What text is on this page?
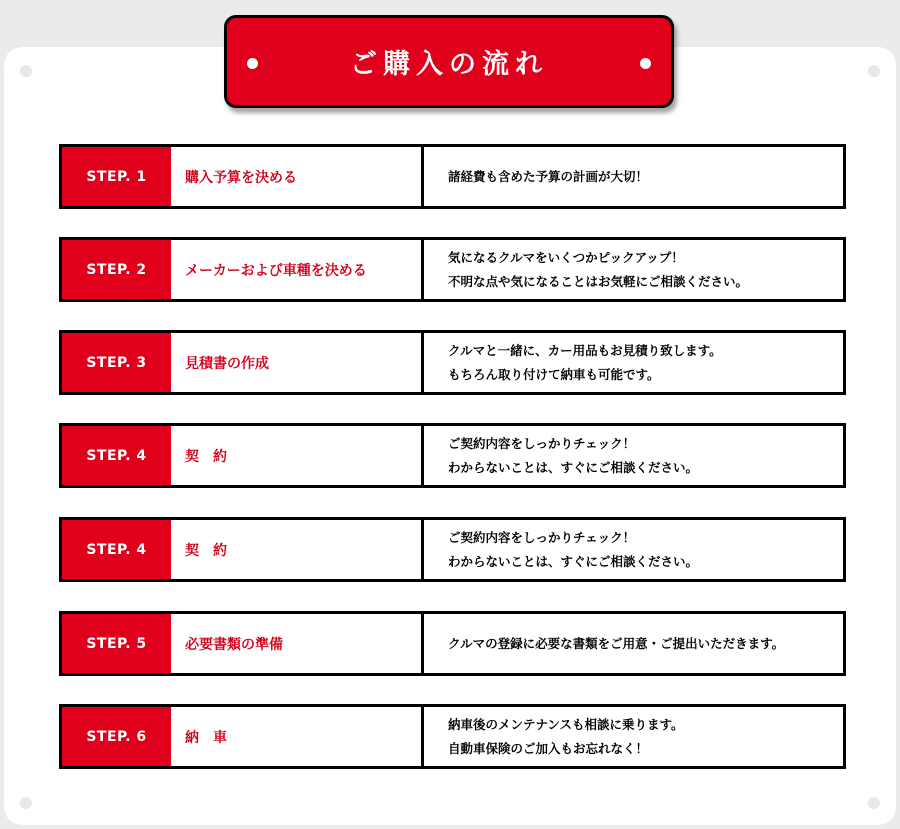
ご購入の流れ
STEP. 1	購入予算を決める	諸経費も含めた予算の計画が大切！
STEP. 2	メーカーおよび車種を決める
気になるクルマをいくつかピックアップ！
不明な点や気になることはお気軽にご相談ください。
STEP. 3	見積書の作成
クルマと一緒に、カー用品もお見積り致します。
もちろん取り付けて納車も可能です。
STEP. 4	契　約
ご契約内容をしっかりチェック！
わからないことは、すぐにご相談ください。
STEP. 4	契　約
ご契約内容をしっかりチェック！
わからないことは、すぐにご相談ください。
STEP. 5	必要書類の準備	クルマの登録に必要な書類をご用意・ご提出いただきます。
STEP. 6	納　車
納車後のメンテナンスも相談に乗ります。
自動車保険のご加入もお忘れなく！
